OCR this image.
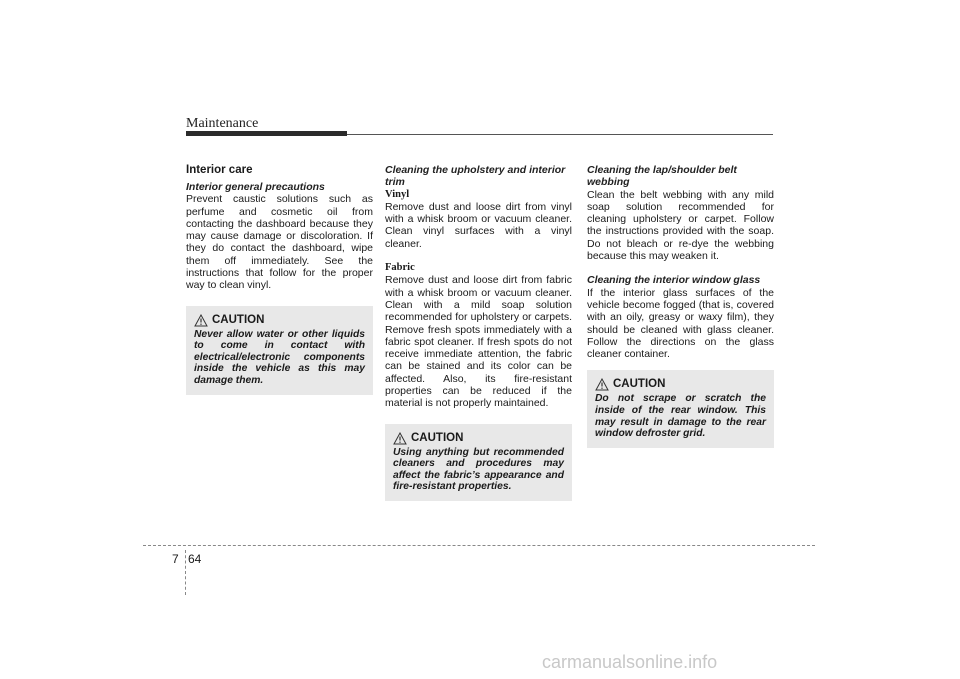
Maintenance
Interior care
Interior general precautions

Prevent caustic solutions such as perfume and cosmetic oil from contacting the dashboard because they may cause damage or discoloration. If they do contact the dashboard, wipe them off immediately. See the instructions that follow for the proper way to clean vinyl.

CAUTION

Never allow water or other liquids to come in contact with electrical/electronic components inside the vehicle as this may damage them.

Cleaning the upholstery and interior trim
Vinyl

Remove dust and loose dirt from vinyl with a whisk broom or vacuum cleaner. Clean vinyl surfaces with a vinyl cleaner.

Fabric

Remove dust and loose dirt from fabric with a whisk broom or vacuum cleaner. Clean with a mild soap solution recommended for upholstery or carpets. Remove fresh spots immediately with a fabric spot cleaner. If fresh spots do not receive immediate attention, the fabric can be stained and its color can be affected. Also, its fire-resistant properties can be reduced if the material is not properly maintained.

CAUTION

Using anything but recommended cleaners and procedures may affect the fabric’s appearance and fire-resistant properties.

Cleaning the lap/shoulder belt webbing

Clean the belt webbing with any mild soap solution recommended for cleaning upholstery or carpet. Follow the instructions provided with the soap. Do not bleach or re-dye the webbing because this may weaken it.

Cleaning the interior window glass

If the interior glass surfaces of the vehicle become fogged (that is, covered with an oily, greasy or waxy film), they should be cleaned with glass cleaner. Follow the directions on the glass cleaner container.

CAUTION

Do not scrape or scratch the inside of the rear window. This may result in damage to the rear window defroster grid.

7 64
carmanualsonline.info
